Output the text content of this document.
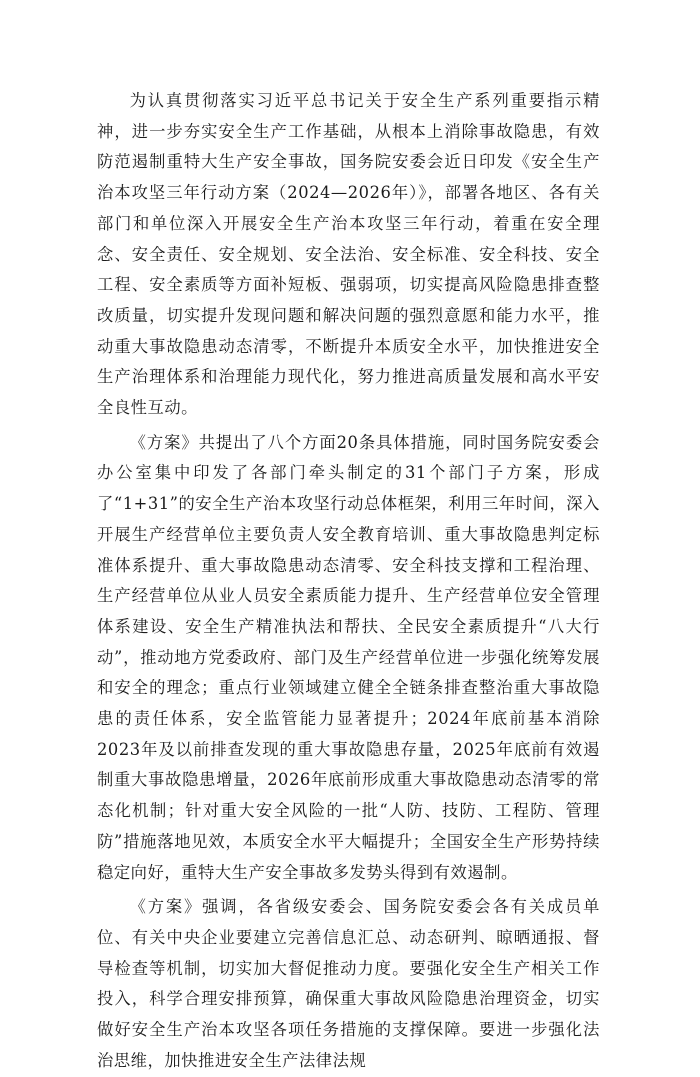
为认真贯彻落实习近平总书记关于安全生产系列重要指示精神，进一步夯实安全生产工作基础，从根本上消除事故隐患，有效防范遏制重特大生产安全事故，国务院安委会近日印发《安全生产治本攻坚三年行动方案（2024—2026年）》，部署各地区、各有关部门和单位深入开展安全生产治本攻坚三年行动，着重在安全理念、安全责任、安全规划、安全法治、安全标准、安全科技、安全工程、安全素质等方面补短板、强弱项，切实提高风险隐患排查整改质量，切实提升发现问题和解决问题的强烈意愿和能力水平，推动重大事故隐患动态清零，不断提升本质安全水平，加快推进安全生产治理体系和治理能力现代化，努力推进高质量发展和高水平安全良性互动。

《方案》共提出了八个方面20条具体措施，同时国务院安委会办公室集中印发了各部门牵头制定的31个部门子方案，形成了“1+31”的安全生产治本攻坚行动总体框架，利用三年时间，深入开展生产经营单位主要负责人安全教育培训、重大事故隐患判定标准体系提升、重大事故隐患动态清零、安全科技支撑和工程治理、生产经营单位从业人员安全素质能力提升、生产经营单位安全管理体系建设、安全生产精准执法和帮扶、全民安全素质提升“八大行动”，推动地方党委政府、部门及生产经营单位进一步强化统筹发展和安全的理念；重点行业领域建立健全全链条排查整治重大事故隐患的责任体系，安全监管能力显著提升；2024年底前基本消除2023年及以前排查发现的重大事故隐患存量，2025年底前有效遏制重大事故隐患增量，2026年底前形成重大事故隐患动态清零的常态化机制；针对重大安全风险的一批“人防、技防、工程防、管理防”措施落地见效，本质安全水平大幅提升；全国安全生产形势持续稳定向好，重特大生产安全事故多发势头得到有效遏制。

《方案》强调，各省级安委会、国务院安委会各有关成员单位、有关中央企业要建立完善信息汇总、动态研判、晾晒通报、督导检查等机制，切实加大督促推动力度。要强化安全生产相关工作投入，科学合理安排预算，确保重大事故风险隐患治理资金，切实做好安全生产治本攻坚各项任务措施的支撑保障。要进一步强化法治思维，加快推进安全生产法律法规
